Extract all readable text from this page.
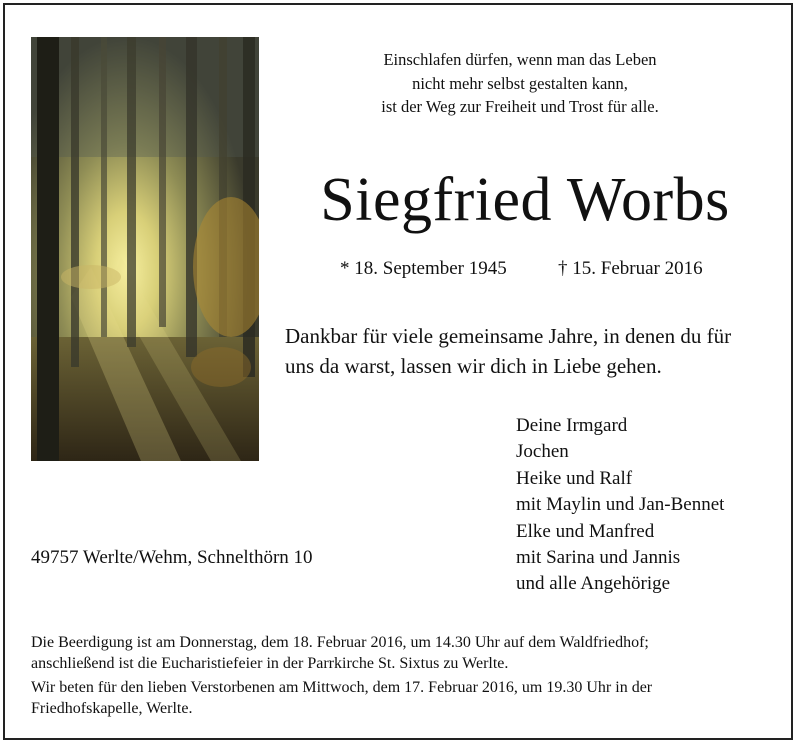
Einschlafen dürfen, wenn man das Leben
nicht mehr selbst gestalten kann,
ist der Weg zur Freiheit und Trost für alle.
Siegfried Worbs
* 18. September 1945	† 15. Februar 2016
Dankbar für viele gemeinsame Jahre, in denen du für
uns da warst, lassen wir dich in Liebe gehen.
Deine Irmgard
Jochen
Heike und Ralf
mit Maylin und Jan-Bennet
Elke und Manfred
mit Sarina und Jannis
und alle Angehörige
49757 Werlte/Wehm, Schnelthörn 10
Die Beerdigung ist am Donnerstag, dem 18. Februar 2016, um 14.30 Uhr auf dem Waldfriedhof;
anschließend ist die Eucharistiefeier in der Parrkirche St. Sixtus zu Werlte.
Wir beten für den lieben Verstorbenen am Mittwoch, dem 17. Februar 2016, um 19.30 Uhr in der
Friedhofskapelle, Werlte.
